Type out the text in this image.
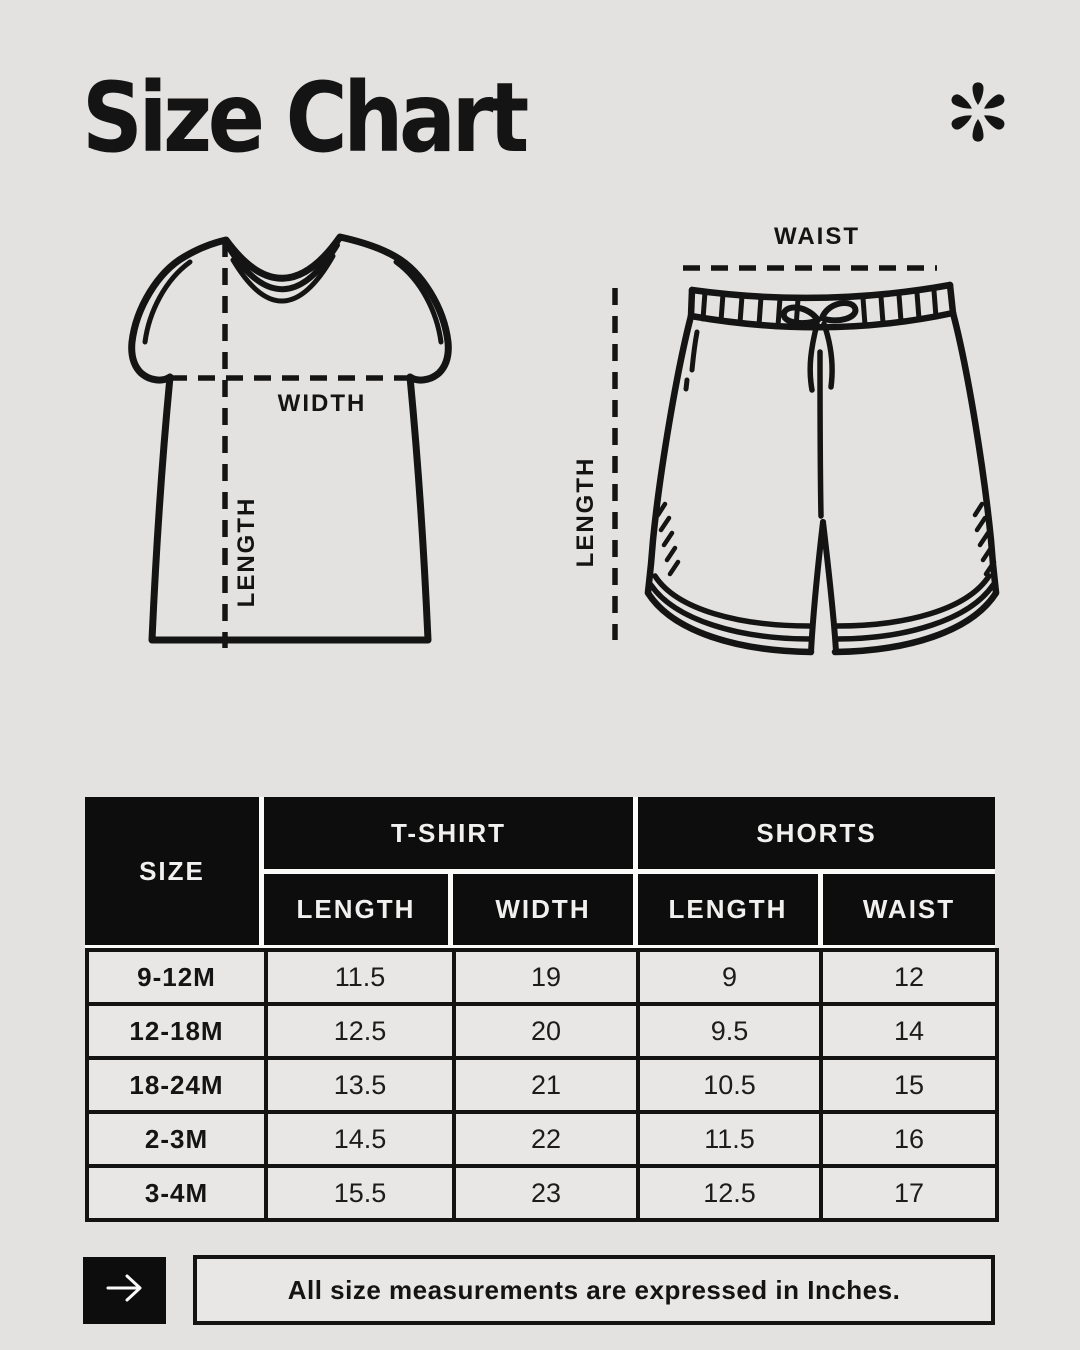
Size Chart
WIDTH
LENGTH
WAIST
LENGTH
SIZE
T-SHIRT	SHORTS
LENGTH	WIDTH	LENGTH	WAIST
9-12M	11.5	19	9	12
12-18M	12.5	20	9.5	14
18-24M	13.5	21	10.5	15
2-3M	14.5	22	11.5	16
3-4M	15.5	23	12.5	17
All size measurements are expressed in Inches.
